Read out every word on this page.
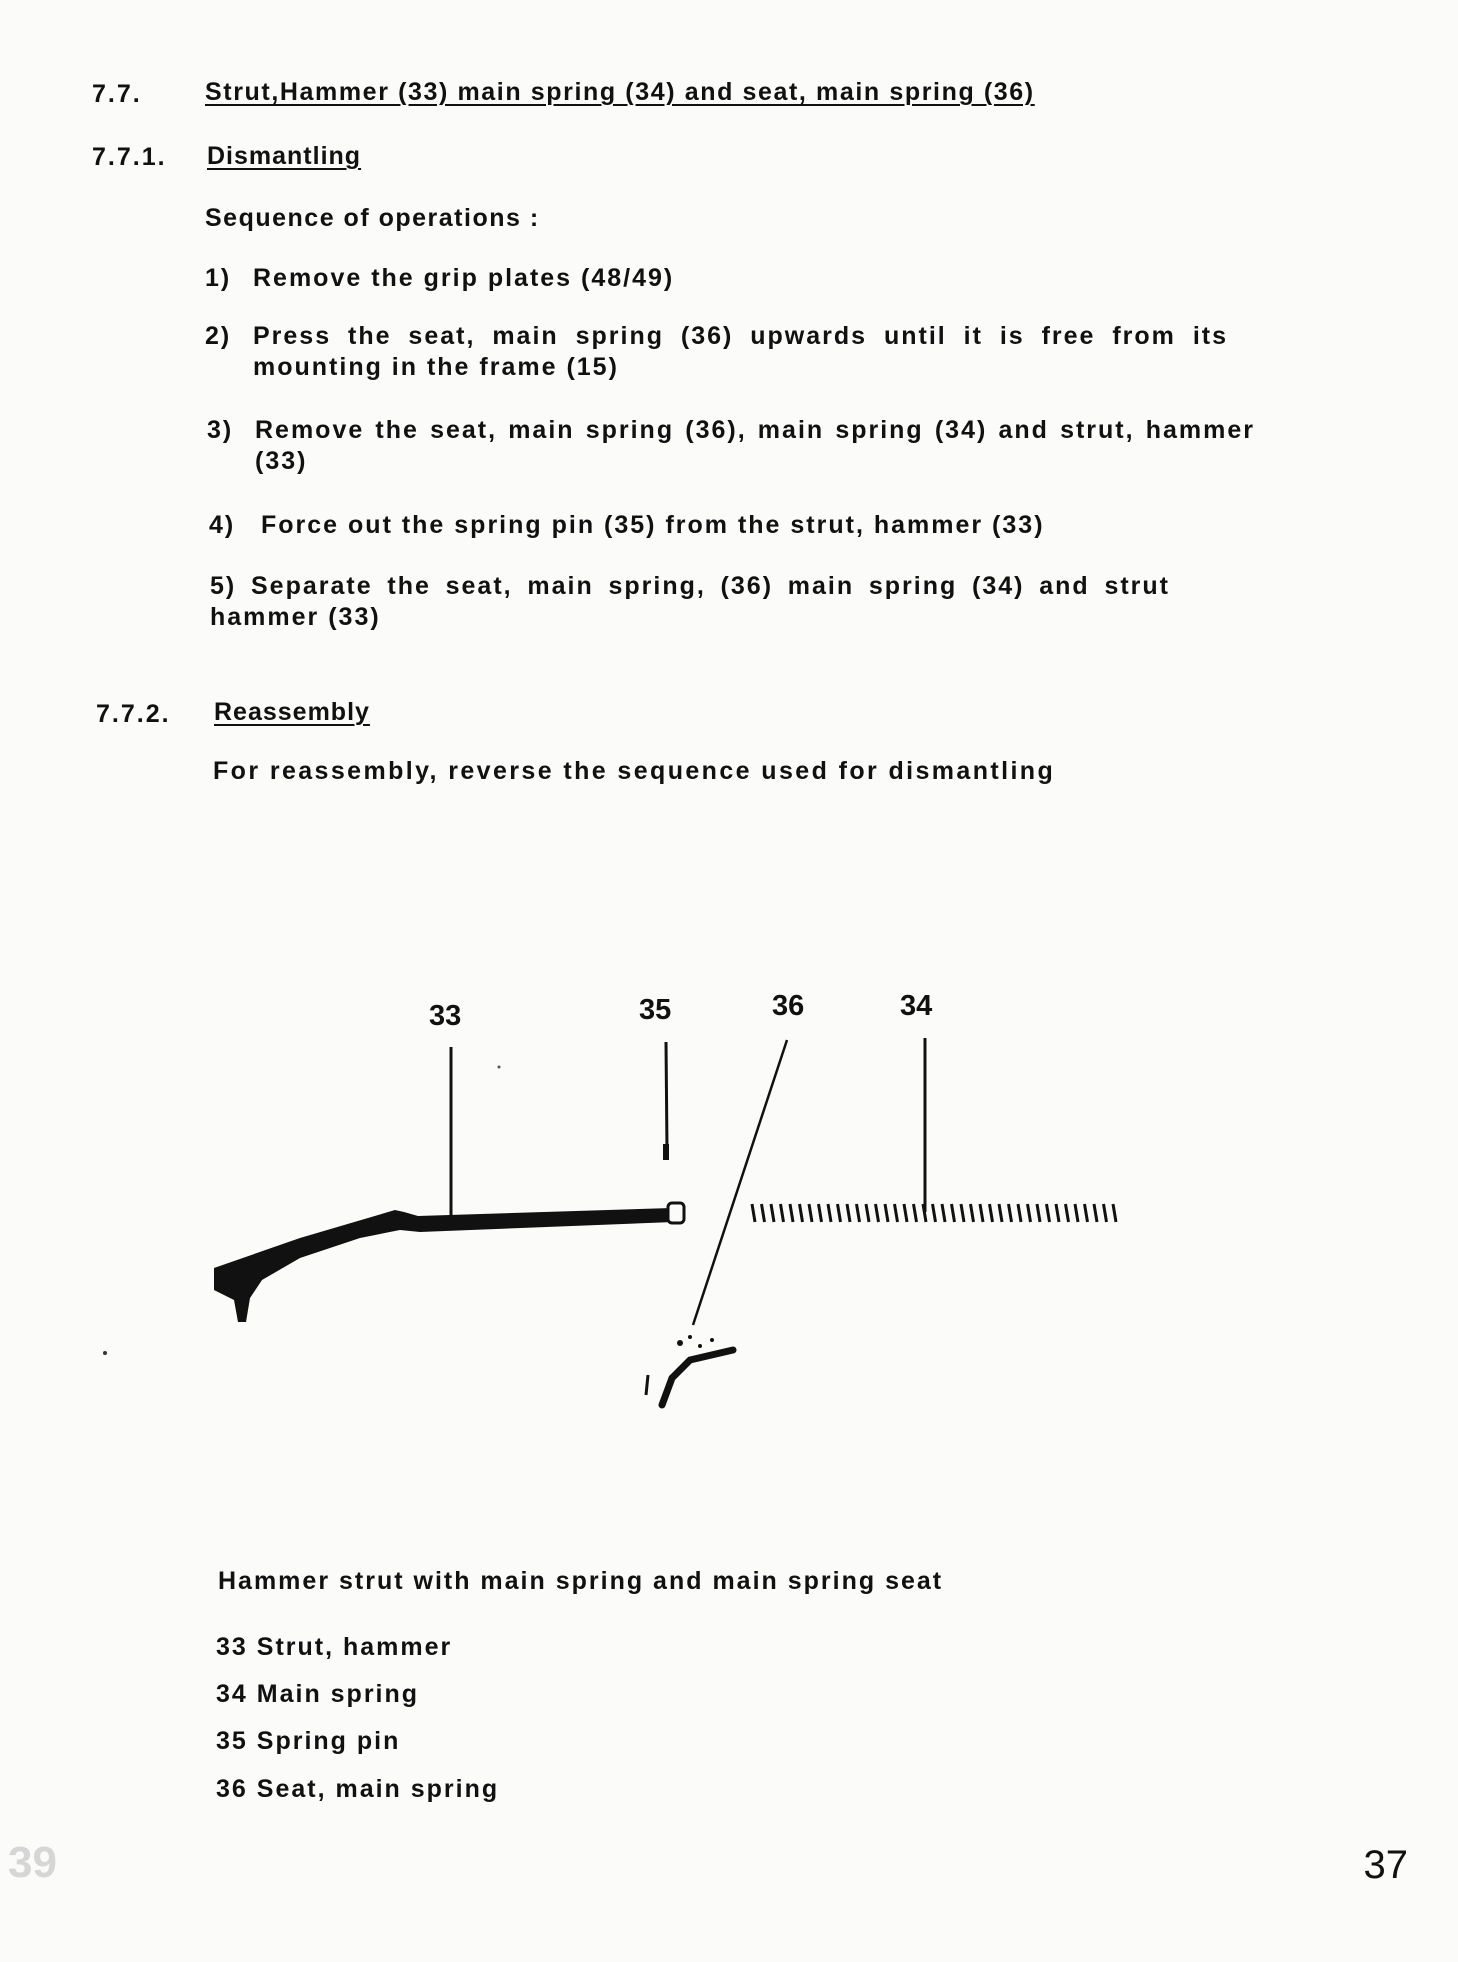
7.7.	Strut,Hammer (33) main spring (34) and seat, main spring (36)
7.7.1. Dismantling
Sequence of operations :
1) Remove the grip plates (48/49)
2) Press the seat, main spring (36) upwards until it is free from its mounting in the frame (15)
3) Remove the seat, main spring (36), main spring (34) and strut, hammer (33)
4) Force out the spring pin (35) from the strut, hammer (33)
5) Separate the seat, main spring, (36) main spring (34) and strut hammer (33)
7.7.2. Reassembly
For reassembly, reverse the sequence used for dismantling
33	35	36	34
Hammer strut with main spring and main spring seat
33 Strut, hammer
34 Main spring
35 Spring pin
36 Seat, main spring
39	37
